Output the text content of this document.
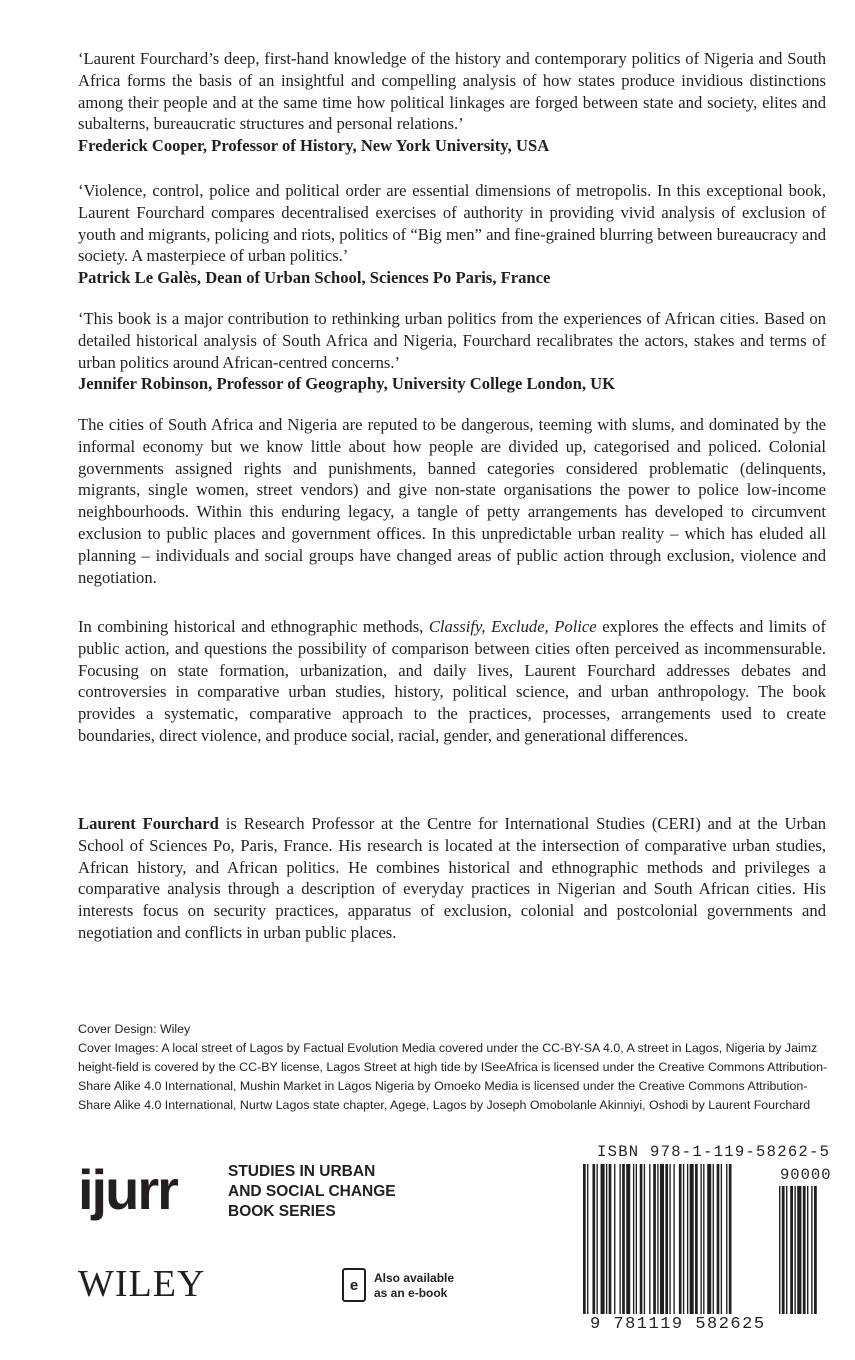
‘Laurent Fourchard’s deep, first-hand knowledge of the history and contemporary politics of Nigeria and South Africa forms the basis of an insightful and compelling analysis of how states produce invidious distinctions among their people and at the same time how political linkages are forged between state and society, elites and subalterns, bureaucratic structures and personal relations.’

Frederick Cooper, Professor of History, New York University, USA

‘Violence, control, police and political order are essential dimensions of metropolis. In this exceptional book, Laurent Fourchard compares decentralised exercises of authority in providing vivid analysis of exclusion of youth and migrants, policing and riots, politics of “Big men” and fine-grained blurring between bureaucracy and society. A masterpiece of urban politics.’

Patrick Le Galès, Dean of Urban School, Sciences Po Paris, France

‘This book is a major contribution to rethinking urban politics from the experiences of African cities. Based on detailed historical analysis of South Africa and Nigeria, Fourchard recalibrates the actors, stakes and terms of urban politics around African-centred concerns.’

Jennifer Robinson, Professor of Geography, University College London, UK

The cities of South Africa and Nigeria are reputed to be dangerous, teeming with slums, and dominated by the informal economy but we know little about how people are divided up, categorised and policed. Colonial governments assigned rights and punishments, banned categories considered problematic (delinquents, migrants, single women, street vendors) and give non-state organisations the power to police low-income neighbourhoods. Within this enduring legacy, a tangle of petty arrangements has developed to circumvent exclusion to public places and government offices. In this unpredictable urban reality – which has eluded all planning – individuals and social groups have changed areas of public action through exclusion, violence and negotiation.

In combining historical and ethnographic methods, Classify, Exclude, Police explores the effects and limits of public action, and questions the possibility of comparison between cities often perceived as incommensurable. Focusing on state formation, urbanization, and daily lives, Laurent Fourchard addresses debates and controversies in comparative urban studies, history, political science, and urban anthropology. The book provides a systematic, comparative approach to the practices, processes, arrangements used to create boundaries, direct violence, and produce social, racial, gender, and generational differences.

Laurent Fourchard is Research Professor at the Centre for International Studies (CERI) and at the Urban School of Sciences Po, Paris, France. His research is located at the intersection of comparative urban studies, African history, and African politics. He combines historical and ethnographic methods and privileges a comparative analysis through a description of everyday practices in Nigerian and South African cities. His interests focus on security practices, apparatus of exclusion, colonial and postcolonial governments and negotiation and conflicts in urban public places.

Cover Design: Wiley

Cover Images: A local street of Lagos by Factual Evolution Media covered under the CC-BY-SA 4.0, A street in Lagos, Nigeria by Jaimz height-field is covered by the CC-BY license, Lagos Street at high tide by ISeeAfrica is licensed under the Creative Commons Attribution-Share Alike 4.0 International, Mushin Market in Lagos Nigeria by Omoeko Media is licensed under the Creative Commons Attribution-Share Alike 4.0 International, Nurtw Lagos state chapter, Agege, Lagos by Joseph Omobolanle Akinniyi, Oshodi by Laurent Fourchard

ijurr	STUDIES IN URBAN
AND SOCIAL CHANGE
BOOK SERIES
WILEY	e	Also available
as an e-book
ISBN 978-1-119-58262-5
90000
9 781119 582625
